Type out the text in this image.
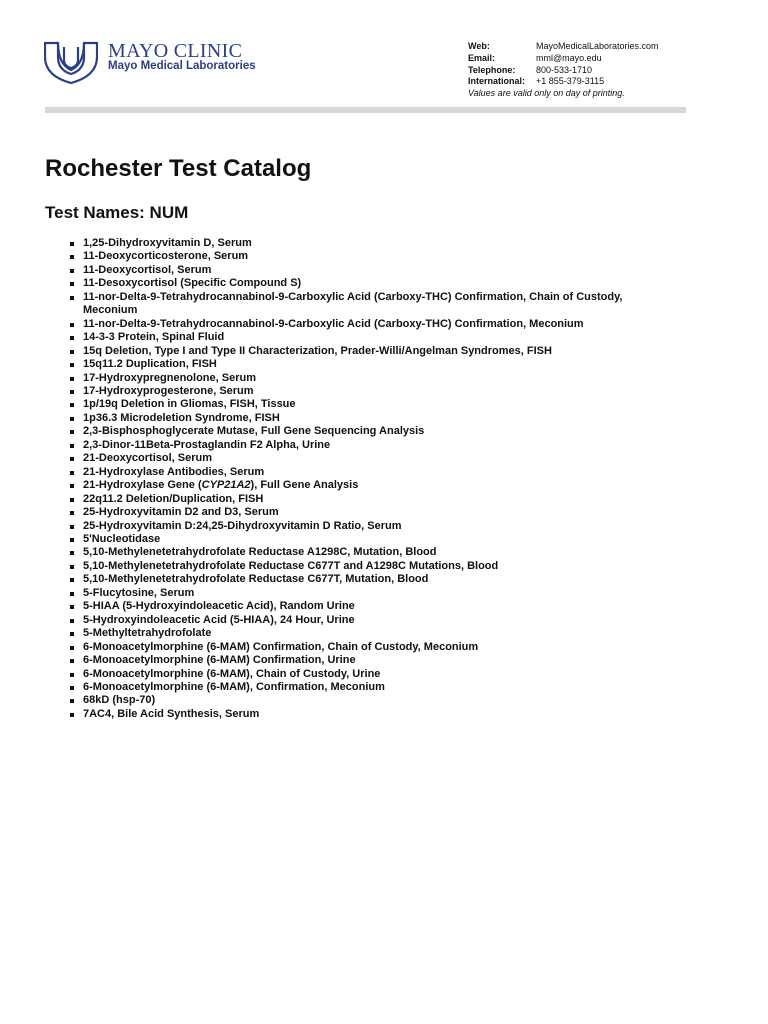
MAYO CLINIC
Mayo Medical Laboratories
Web:	MayoMedicalLaboratories.com
Email:	mml@mayo.edu
Telephone:	800-533-1710
International:	+1 855-379-3115
Values are valid only on day of printing.
Rochester Test Catalog
Test Names: NUM
1,25-Dihydroxyvitamin D, Serum
11-Deoxycorticosterone, Serum
11-Deoxycortisol, Serum
11-Desoxycortisol (Specific Compound S)
11-nor-Delta-9-Tetrahydrocannabinol-9-Carboxylic Acid (Carboxy-THC) Confirmation, Chain of Custody, Meconium
11-nor-Delta-9-Tetrahydrocannabinol-9-Carboxylic Acid (Carboxy-THC) Confirmation, Meconium
14-3-3 Protein, Spinal Fluid
15q Deletion, Type I and Type II Characterization, Prader-Willi/Angelman Syndromes, FISH
15q11.2 Duplication, FISH
17-Hydroxypregnenolone, Serum
17-Hydroxyprogesterone, Serum
1p/19q Deletion in Gliomas, FISH, Tissue
1p36.3 Microdeletion Syndrome, FISH
2,3-Bisphosphoglycerate Mutase, Full Gene Sequencing Analysis
2,3-Dinor-11Beta-Prostaglandin F2 Alpha, Urine
21-Deoxycortisol, Serum
21-Hydroxylase Antibodies, Serum
21-Hydroxylase Gene (CYP21A2), Full Gene Analysis
22q11.2 Deletion/Duplication, FISH
25-Hydroxyvitamin D2 and D3, Serum
25-Hydroxyvitamin D:24,25-Dihydroxyvitamin D Ratio, Serum
5'Nucleotidase
5,10-Methylenetetrahydrofolate Reductase A1298C, Mutation, Blood
5,10-Methylenetetrahydrofolate Reductase C677T and A1298C Mutations, Blood
5,10-Methylenetetrahydrofolate Reductase C677T, Mutation, Blood
5-Flucytosine, Serum
5-HIAA (5-Hydroxyindoleacetic Acid), Random Urine
5-Hydroxyindoleacetic Acid (5-HIAA), 24 Hour, Urine
5-Methyltetrahydrofolate
6-Monoacetylmorphine (6-MAM) Confirmation, Chain of Custody, Meconium
6-Monoacetylmorphine (6-MAM) Confirmation, Urine
6-Monoacetylmorphine (6-MAM), Chain of Custody, Urine
6-Monoacetylmorphine (6-MAM), Confirmation, Meconium
68kD (hsp-70)
7AC4, Bile Acid Synthesis, Serum
